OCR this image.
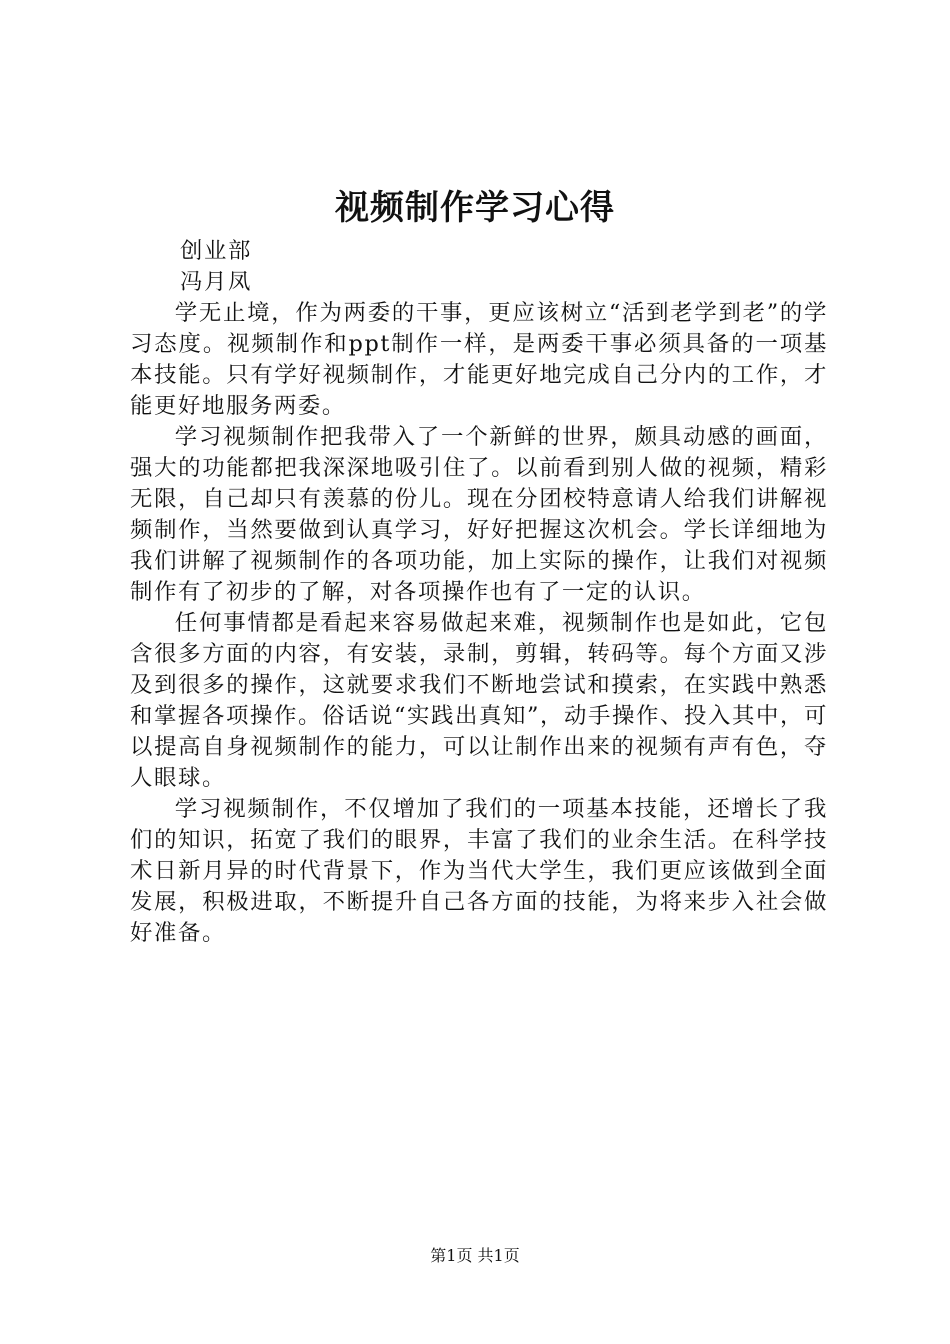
视频制作学习心得

创业部

冯月凤

学无止境，作为两委的干事，更应该树立“活到老学到老”的学习态度。视频制作和ppt制作一样，是两委干事必须具备的一项基本技能。只有学好视频制作，才能更好地完成自己分内的工作，才能更好地服务两委。

学习视频制作把我带入了一个新鲜的世界，颇具动感的画面，强大的功能都把我深深地吸引住了。以前看到别人做的视频，精彩无限，自己却只有羡慕的份儿。现在分团校特意请人给我们讲解视频制作，当然要做到认真学习，好好把握这次机会。学长详细地为我们讲解了视频制作的各项功能，加上实际的操作，让我们对视频制作有了初步的了解，对各项操作也有了一定的认识。

任何事情都是看起来容易做起来难，视频制作也是如此，它包含很多方面的内容，有安装，录制，剪辑，转码等。每个方面又涉及到很多的操作，这就要求我们不断地尝试和摸索，在实践中熟悉和掌握各项操作。俗话说“实践出真知”，动手操作、投入其中，可以提高自身视频制作的能力，可以让制作出来的视频有声有色，夺人眼球。

学习视频制作，不仅增加了我们的一项基本技能，还增长了我们的知识，拓宽了我们的眼界，丰富了我们的业余生活。在科学技术日新月异的时代背景下，作为当代大学生，我们更应该做到全面发展，积极进取，不断提升自己各方面的技能，为将来步入社会做好准备。

第1页 共1页
